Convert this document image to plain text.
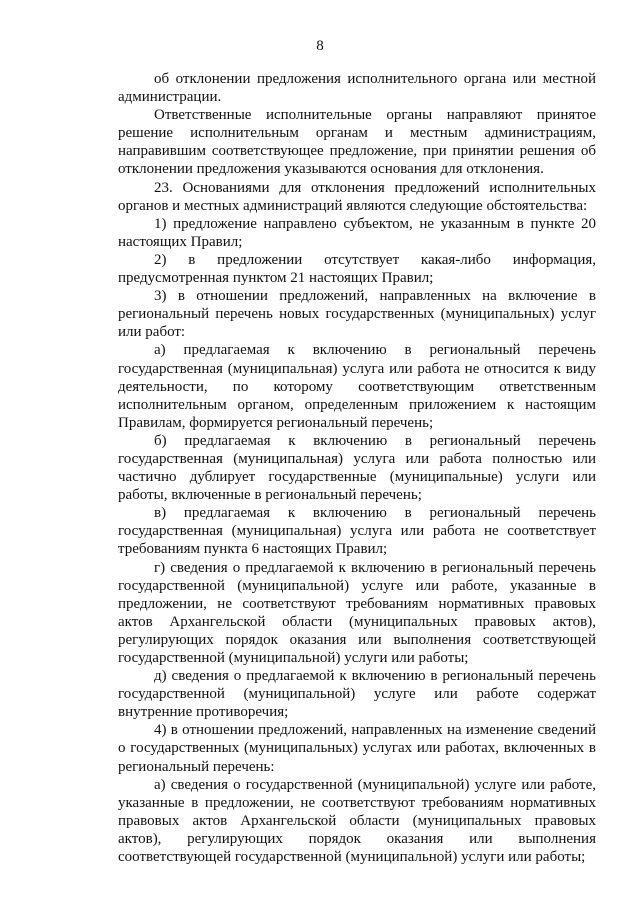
8

об отклонении предложения исполнительного органа или местной администрации.

Ответственные исполнительные органы направляют принятое решение исполнительным органам и местным администрациям, направившим соответствующее предложение, при принятии решения об отклонении предложения указываются основания для отклонения.

23. Основаниями для отклонения предложений исполнительных органов и местных администраций являются следующие обстоятельства:

1) предложение направлено субъектом, не указанным в пункте 20 настоящих Правил;

2) в предложении отсутствует какая-либо информация, предусмотренная пунктом 21 настоящих Правил;

3) в отношении предложений, направленных на включение в региональный перечень новых государственных (муниципальных) услуг или работ:

а) предлагаемая к включению в региональный перечень государственная (муниципальная) услуга или работа не относится к виду деятельности, по которому соответствующим ответственным исполнительным органом, определенным приложением к настоящим Правилам, формируется региональный перечень;

б) предлагаемая к включению в региональный перечень государственная (муниципальная) услуга или работа полностью или частично дублирует государственные (муниципальные) услуги или работы, включенные в региональный перечень;

в) предлагаемая к включению в региональный перечень государственная (муниципальная) услуга или работа не соответствует требованиям пункта 6 настоящих Правил;

г) сведения о предлагаемой к включению в региональный перечень государственной (муниципальной) услуге или работе, указанные в предложении, не соответствуют требованиям нормативных правовых актов Архангельской области (муниципальных правовых актов), регулирующих порядок оказания или выполнения соответствующей государственной (муниципальной) услуги или работы;

д) сведения о предлагаемой к включению в региональный перечень государственной (муниципальной) услуге или работе содержат внутренние противоречия;

4) в отношении предложений, направленных на изменение сведений о государственных (муниципальных) услугах или работах, включенных в региональный перечень:

а) сведения о государственной (муниципальной) услуге или работе, указанные в предложении, не соответствуют требованиям нормативных правовых актов Архангельской области (муниципальных правовых актов), регулирующих порядок оказания или выполнения соответствующей государственной (муниципальной) услуги или работы;
